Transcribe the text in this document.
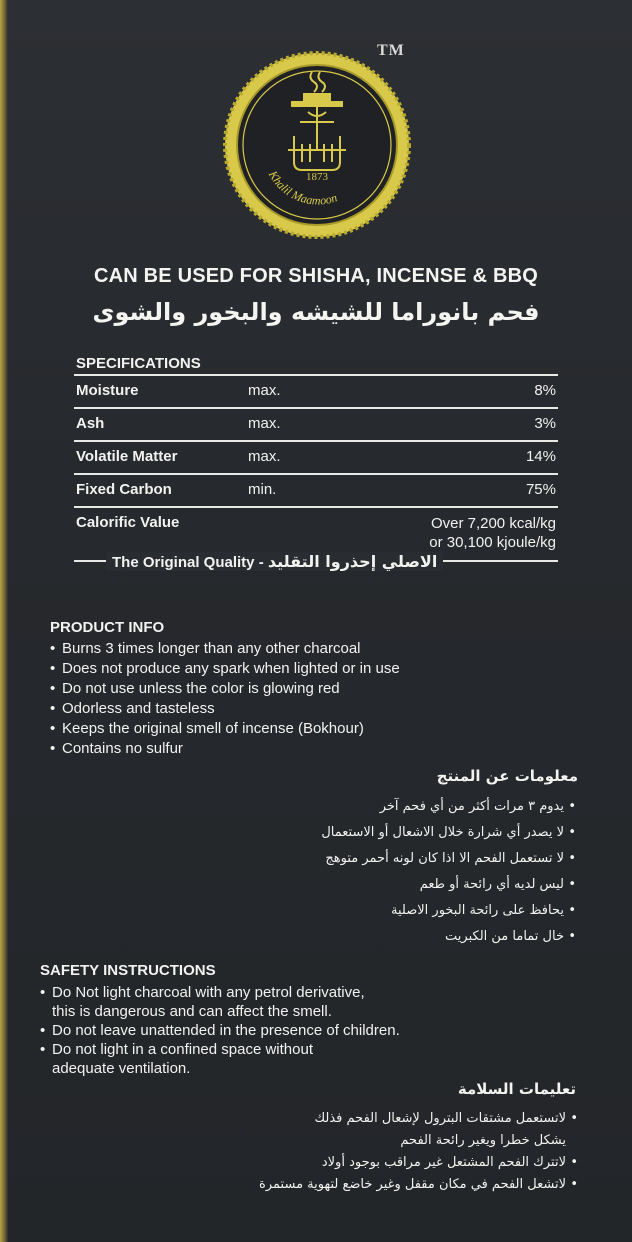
TM
1873
Khalil Maamoon
CAN BE USED FOR SHISHA, INCENSE & BBQ
فحم بانوراما للشيشه والبخور والشوى
SPECIFICATIONS
Moisture	max.	8%
Ash	max.	3%
Volatile Matter	max.	14%
Fixed Carbon	min.	75%
Calorific Value	Over 7,200 kcal/kg
or 30,100 kjoule/kg
The Original Quality - الاصلي إحذروا التقليد
PRODUCT INFO
• Burns 3 times longer than any other charcoal
• Does not produce any spark when lighted or in use
• Do not use unless the color is glowing red
• Odorless and tasteless
• Keeps the original smell of incense (Bokhour)
• Contains no sulfur
معلومات عن المنتج
• يدوم ٣ مرات أكثر من أي فحم آخر
• لا يصدر أي شرارة خلال الاشعال أو الاستعمال
• لا تستعمل الفحم الا اذا كان لونه أحمر متوهج
• ليس لديه أي رائحة أو طعم
• يحافظ على رائحة البخور الاصلية
• خال تماما من الكبريت
SAFETY INSTRUCTIONS
• Do Not light charcoal with any petrol derivative,
this is dangerous and can affect the smell.
• Do not leave unattended in the presence of children.
• Do not light in a confined space without
adequate ventilation.
تعليمات السلامة
• لاتستعمل مشتقات البترول لإشعال الفحم فذلك
يشكل خطرا ويغير رائحة الفحم
• لاتترك الفحم المشتعل غير مراقب بوجود أولاد
• لاتشعل الفحم في مكان مقفل وغير خاضع لتهوية مستمرة
